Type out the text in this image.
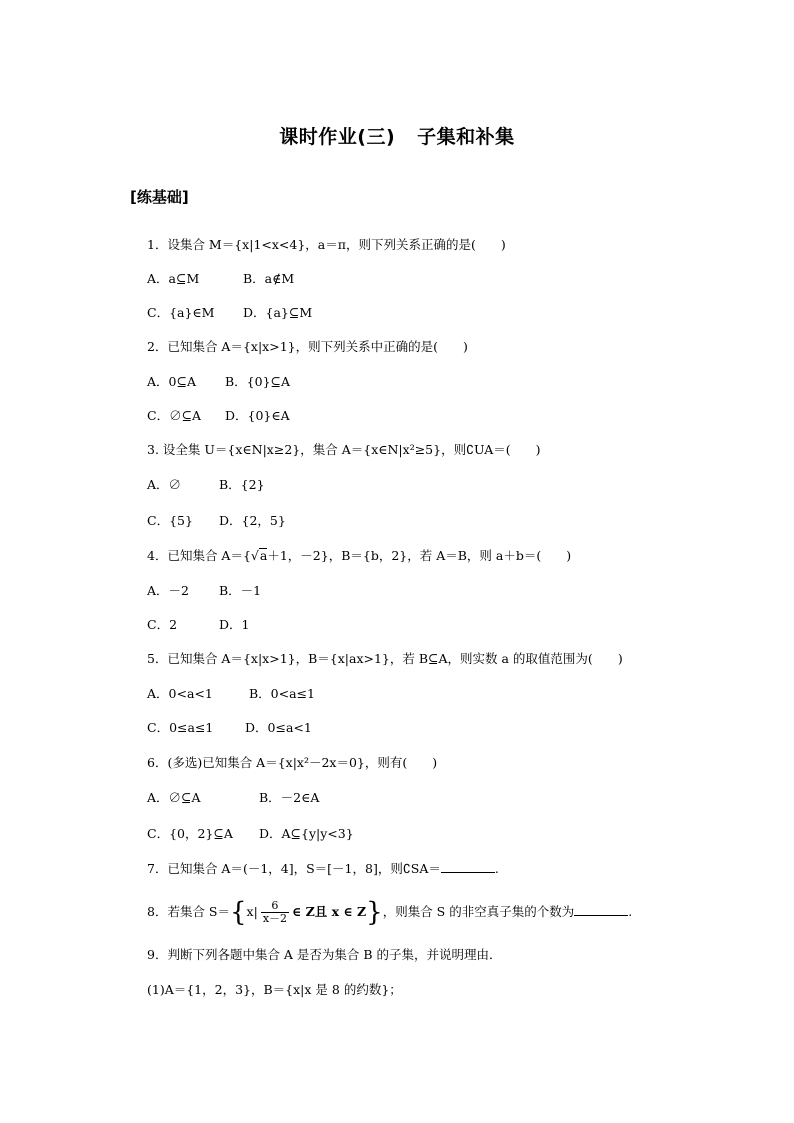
课时作业(三) 子集和补集
[练基础]
1．设集合 M＝{x|1<x<4}，a＝π，则下列关系正确的是(　　)
A．a⊆M	B．a∉M
C．{a}∈M D．{a}⊆M
2．已知集合 A＝{x|x>1}，则下列关系中正确的是(　　)
A．0⊆A B．{0}⊆A
C．∅⊆A D．{0}∈A
3. 设全集 U＝{x∈N|x≥2}，集合 A＝{x∈N|x²≥5}，则∁UA＝(　　)
A．∅	B．{2}
C．{5} D．{2，5}
4．已知集合 A＝{√a＋1，－2}，B＝{b，2}，若 A＝B，则 a＋b＝(　　)
A．－2 B．－1
C．2	D．1
5．已知集合 A＝{x|x>1}，B＝{x|ax>1}，若 B⊆A，则实数 a 的取值范围为(　　)
A．0<a<1	B．0<a≤1
C．0≤a≤1	D．0≤a<1
6．(多选)已知集合 A＝{x|x²－2x＝0}，则有(　　)
A．∅⊆A	B．－2∈A
C．{0，2}⊆A D．A⊆{y|y<3}
7．已知集合 A＝(－1，4]，S＝[－1，8]，则∁SA＝	.
8．若集合 $S=\{x| \frac{6}{x-2}$ ∈ Z且 x ∈ Z}，则集合 S 的非空真子集的个数为	.
9．判断下列各题中集合 A 是否为集合 B 的子集，并说明理由．
(1)A＝{1，2，3}，B＝{x|x 是 8 的约数}；
